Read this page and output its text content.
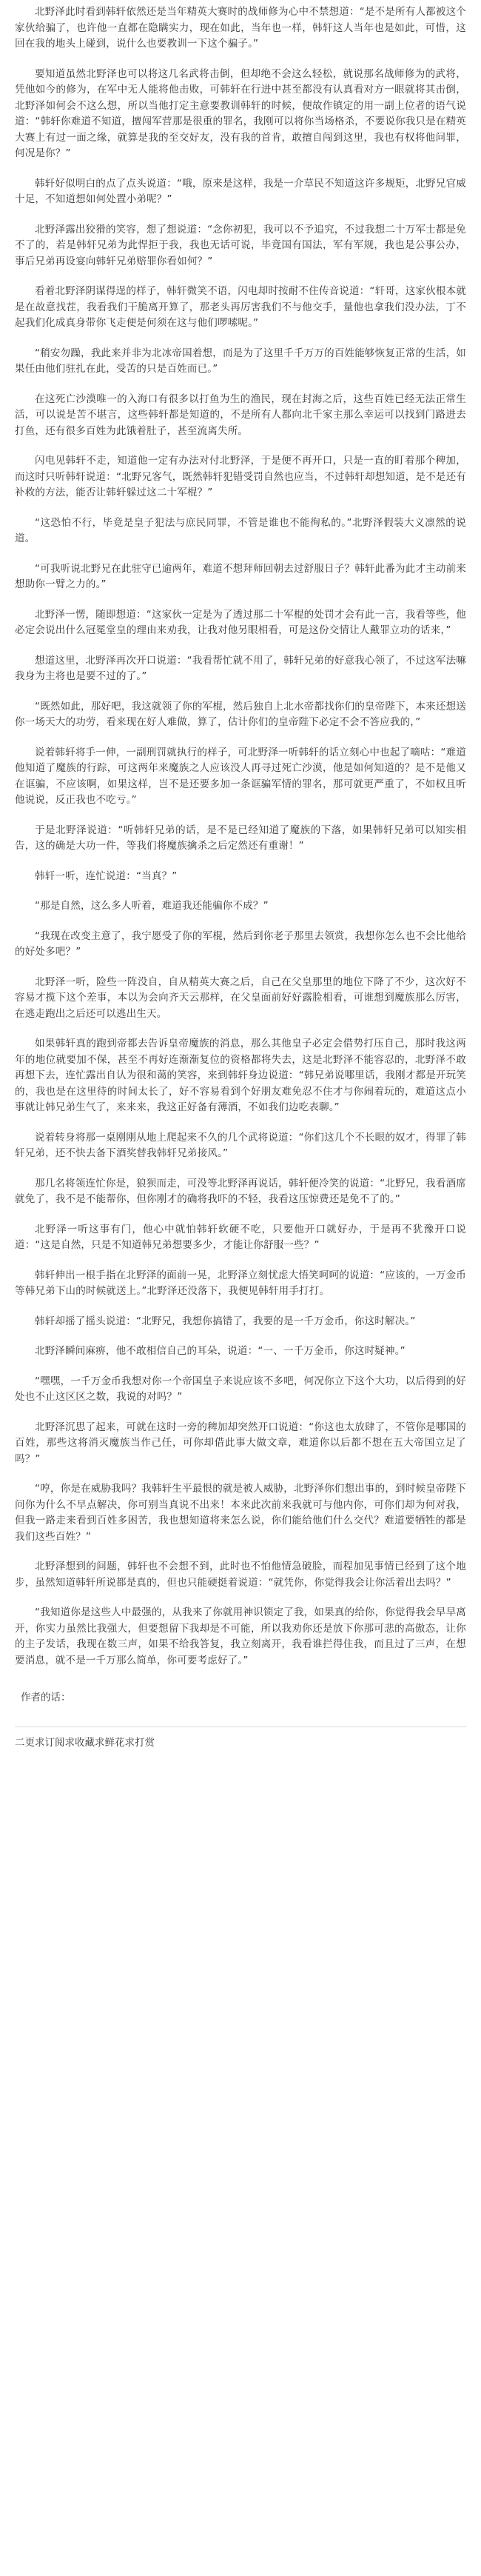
北野泽此时看到韩轩依然还是当年精英大赛时的战师修为心中不禁想道：“是不是所有人都被这个家伙给骗了，也许他一直都在隐瞒实力，现在如此，当年也一样，韩轩这人当年也是如此，可惜，这回在我的地头上碰到，说什么也要教训一下这个骗子。”

要知道虽然北野泽也可以将这几名武将击倒，但却绝不会这么轻松，就说那名战师修为的武将，凭他如今的修为，在军中无人能将他击败，可韩轩在行进中甚至都没有认真看对方一眼就将其击倒，北野泽如何会不这么想，所以当他打定主意要教训韩轩的时候，便故作镇定的用一副上位者的语气说道：“韩轩你难道不知道，擅闯军营那是很重的罪名，我刚可以将你当场格杀，不要说你我只是在精英大赛上有过一面之缘，就算是我的至交好友，没有我的首肯，敢擅自闯到这里，我也有权将他问罪，何况是你？”

韩轩好似明白的点了点头说道：“哦，原来是这样，我是一介草民不知道这许多规矩，北野兄官威十足，不知道想如何处置小弟呢？”

北野泽露出狡猾的笑容，想了想说道：“念你初犯，我可以不予追究，不过我想二十万军士都是免不了的，若是韩轩兄弟为此悍拒于我，我也无话可说，毕竟国有国法，军有军规，我也是公事公办，事后兄弟再设宴向韩轩兄弟赔罪你看如何？”

看着北野泽阴谋得逞的样子，韩轩微笑不语，闪电却时按耐不住传音说道：“轩哥，这家伙根本就是在故意找茬，我看我们干脆离开算了，那老头再厉害我们不与他交手，量他也拿我们没办法，丁不起我们化成真身带你飞走便是何须在这与他们啰嗦呢。”

“稍安勿躁，我此来并非为北冰帝国着想，而是为了这里千千万万的百姓能够恢复正常的生活，如果任由他们驻扎在此，受苦的只是百姓而已。”

在这死亡沙漠唯一的入海口有很多以打鱼为生的渔民，现在封海之后，这些百姓已经无法正常生活，可以说是苦不堪言，这些韩轩都是知道的，不是所有人都向北千家主那么幸运可以找到门路进去打鱼，还有很多百姓为此饿着肚子，甚至流离失所。

闪电见韩轩不走，知道他一定有办法对付北野泽，于是便不再开口，只是一直的盯着那个稗加，而这时只听韩轩说道：“北野兄客气，既然韩轩犯错受罚自然也应当，不过韩轩却想知道，是不是还有补救的方法，能否让韩轩躲过这二十军棍？”

“这恐怕不行，毕竟是皇子犯法与庶民同罪，不管是谁也不能徇私的。”北野泽假装大义凛然的说道。

“可我听说北野兄在此驻守已逾两年，难道不想拜师回朝去过舒服日子？韩轩此番为此才主动前来想助你一臂之力的。”

北野泽一愣，随即想道：“这家伙一定是为了透过那二十军棍的处罚才会有此一言，我看等些，他必定会说出什么冠冕堂皇的理由来劝我，让我对他另眼相看，可是这份交情让人戴罪立功的话来，”

想道这里，北野泽再次开口说道：“我看帮忙就不用了，韩轩兄弟的好意我心领了，不过这军法嘛我身为主将也是要不过的了。”

“既然如此，那好吧，我这就领了你的军棍，然后独自上北水帝都找你们的皇帝陛下，本来还想送你一场天大的功劳，看来现在好人难做，算了，估计你们的皇帝陛下必定不会不答应我的，”

说着韩轩将手一伸，一副刑罚就执行的样子，可北野泽一听韩轩的话立刻心中也起了嘀咕：“难道他知道了魔族的行踪，可这两年来魔族之人应该没人再寻过死亡沙漠，他是如何知道的？是不是他又在诓骗，不应该啊，如果这样，岂不是还要多加一条诓骗军情的罪名，那可就更严重了，不如权且听他说说，反正我也不吃亏。”

于是北野泽说道：“听韩轩兄弟的话，是不是已经知道了魔族的下落，如果韩轩兄弟可以知实相告，这的确是大功一件，等我们将魔族擒杀之后定然还有重谢！”

韩轩一听，连忙说道：“当真？”

“那是自然，这么多人听着，难道我还能骗你不成？”

“我现在改变主意了，我宁愿受了你的军棍，然后到你老子那里去领赏，我想你怎么也不会比他给的好处多吧？”

北野泽一听，险些一阵没自，自从精英大赛之后，自己在父皇那里的地位下降了不少，这次好不容易才揽下这个差事，本以为会向齐天云那样，在父皇面前好好露脸相看，可谁想到魔族那么厉害，在逃走跑出之后还可以逃出生天。

如果韩轩真的跑到帝都去告诉皇帝魔族的消息，那么其他皇子必定会借势打压自己，那时我这两年的地位就要加不保，甚至不再好连渐渐复位的资格都将失去，这是北野泽不能容忍的，北野泽不敢再想下去，连忙露出自认为很和蔼的笑容，来到韩轩身边说道：“韩兄弟说哪里话，我刚才都是开玩笑的，我也是在这里待的时间太长了，好不容易看到个好朋友难免忍不住才与你闹着玩的，难道这点小事就让韩兄弟生气了，来来来，我这正好备有薄酒，不如我们边吃表聊。”

说着转身将那一桌刚刚从地上爬起来不久的几个武将说道：“你们这几个不长眼的奴才，得罪了韩轩兄弟，还不快去备下酒奖替我韩轩兄弟接风。”

那几名将领连忙你是，狼狈而走，可没等北野泽再说话，韩轩便冷笑的说道：“北野兄，我看酒席就免了，我不是不能帮你，但你刚才的确将我吓的不轻，我看这压惊费还是免不了的。”

北野泽一听这事有门，他心中就怕韩轩软硬不吃，只要他开口就好办，于是再不犹豫开口说道：“这是自然，只是不知道韩兄弟想要多少，才能让你舒服一些？”

韩轩伸出一根手指在北野泽的面前一晃，北野泽立刻忧虑大悟笑呵呵的说道：“应该的，一万金币等韩兄弟下山的时候就送上。”北野泽还没落下，我便见韩轩用手打打。

韩轩却摇了摇头说道：“北野兄，我想你搞错了，我要的是一千万金币，你这时解决。”

北野泽瞬间麻痹，他不敢相信自己的耳朵，说道：“一、一千万金币，你这时疑神。”

“嘿嘿，一千万金币我想对你一个帝国皇子来说应该不多吧，何况你立下这个大功，以后得到的好处也不止这区区之数，我说的对吗？”

北野泽沉思了起来，可就在这时一旁的稗加却突然开口说道：“你这也太放肆了，不管你是哪国的百姓，那些这将消灭魔族当作己任，可你却借此事大做文章，难道你以后都不想在五大帝国立足了吗？”

“哼，你是在威胁我吗？我韩轩生平最恨的就是被人威胁，北野泽你们想出事的，到时候皇帝陛下问你为什么不早点解决，你可别当真说不出来！本来此次前来我就可与他内你，可你们却为何对我，但我一路走来看到百姓多困苦，我也想知道将来怎么说，你们能给他们什么交代？难道要牺牲的都是我们这些百姓？”

北野泽想到的问题，韩轩也不会想不到，此时也不怕他情急破脸，而程加见事情已经到了这个地步，虽然知道韩轩所说都是真的，但也只能硬挺着说道：“就凭你，你觉得我会让你活着出去吗？”

“我知道你是这些人中最强的，从我来了你就用神识锁定了我，如果真的给你，你觉得我会早早离开，你实力虽然比我强大，但要想留下我却是不可能，所以我劝你还是放下你那可悲的高傲态，让你的主子发话，我现在数三声，如果不给我答复，我立刻离开，我看谁拦得住我，而且过了三声，在想要消息，就不是一千万那么简单，你可要考虑好了。”

作者的话：
二更求订阅求收藏求鲜花求打赏
